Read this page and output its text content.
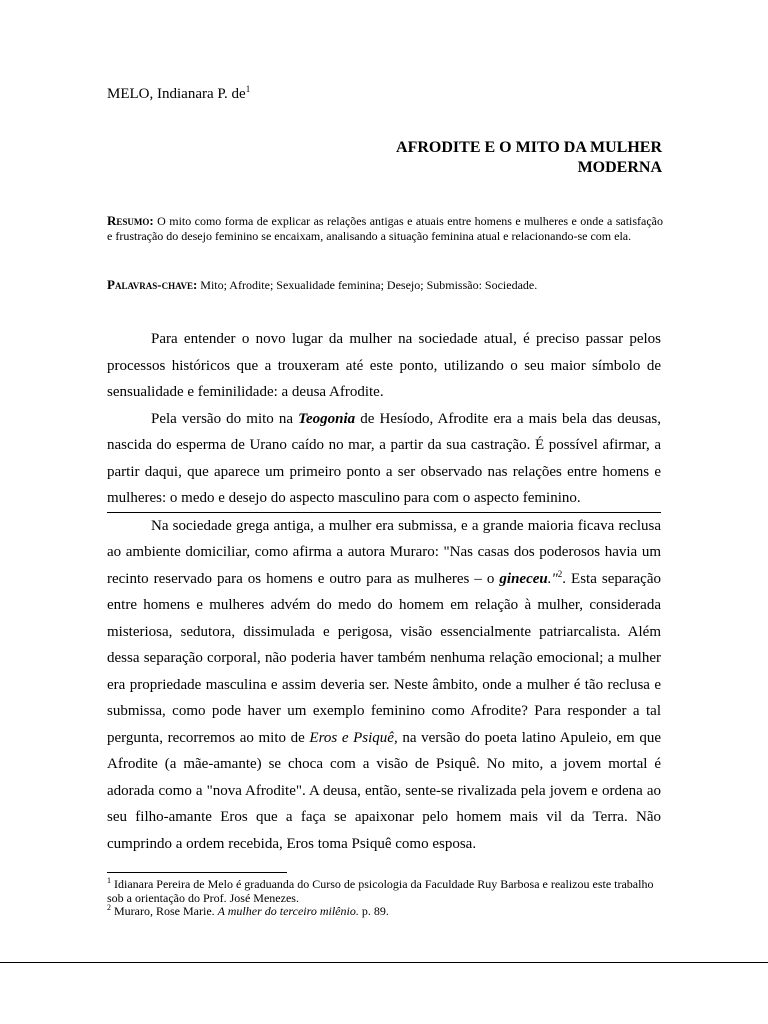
MELO, Indianara P. $de^1$
AFRODITE E O MITO DA MULHER
MODERNA
Resumo: O mito como forma de explicar as relações antigas e atuais entre homens e mulheres e onde a satisfação e frustração do desejo feminino se encaixam, analisando a situação feminina atual e relacionando-se com ela.
Palavras-chave: Mito; Afrodite; Sexualidade feminina; Desejo; Submissão: Sociedade.

Para entender o novo lugar da mulher na sociedade atual, é preciso passar pelos processos históricos que a trouxeram até este ponto, utilizando o seu maior símbolo de sensualidade e feminilidade: a deusa Afrodite.

Pela versão do mito na Teogonia de Hesíodo, Afrodite era a mais bela das deusas, nascida do esperma de Urano caído no mar, a partir da sua castração. É possível afirmar, a partir daqui, que aparece um primeiro ponto a ser observado nas relações entre homens e mulheres: o medo e desejo do aspecto masculino para com o aspecto feminino.

Na sociedade grega antiga, a mulher era submissa, e a grande maioria ficava reclusa ao ambiente domiciliar, como afirma a autora Muraro: "Nas casas dos poderosos havia um recinto reservado para os homens e outro para as mulheres – o gineceu."$^2$. Esta separação entre homens e mulheres advém do medo do homem em relação à mulher, considerada misteriosa, sedutora, dissimulada e perigosa, visão essencialmente patriarcalista. Além dessa separação corporal, não poderia haver também nenhuma relação emocional; a mulher era propriedade masculina e assim deveria ser. Neste âmbito, onde a mulher é tão reclusa e submissa, como pode haver um exemplo feminino como Afrodite? Para responder a tal pergunta, recorremos ao mito de Eros e Psiquê, na versão do poeta latino Apuleio, em que Afrodite (a mãe-amante) se choca com a visão de Psiquê. No mito, a jovem mortal é adorada como a "nova Afrodite". A deusa, então, sente-se rivalizada pela jovem e ordena ao seu filho-amante Eros que a faça se apaixonar pelo homem mais vil da Terra. Não cumprindo a ordem recebida, Eros toma Psiquê como esposa.

$^1$ Idianara Pereira de Melo é graduanda do Curso de psicologia da Faculdade Ruy Barbosa e realizou este trabalho sob a orientação do Prof. José Menezes.

$^2$ Muraro, Rose Marie. A mulher do terceiro milênio. p. 89.
